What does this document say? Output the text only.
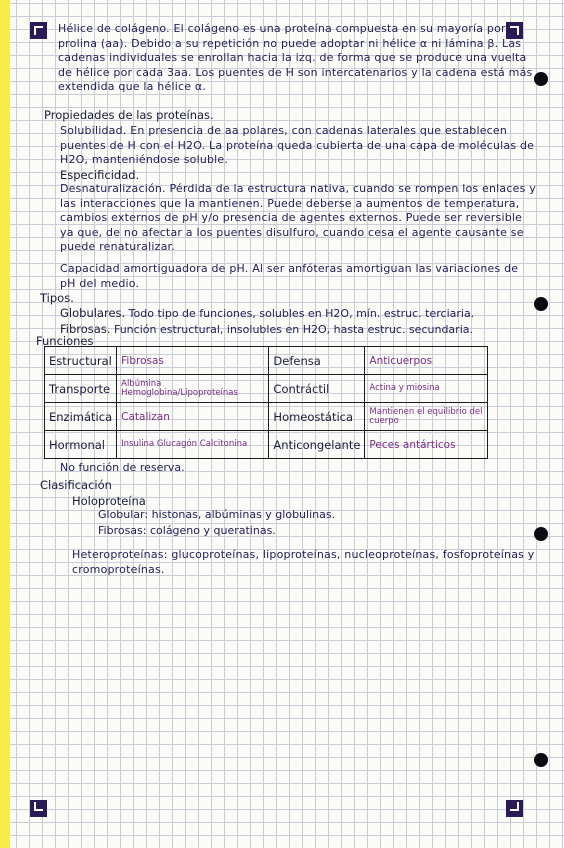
Hélice de colágeno. El colágeno es una proteína compuesta en su mayoría por prolina (aa). Debido a su repetición no puede adoptar ni hélice α ni lámina β. Las cadenas individuales se enrollan hacia la izq. de forma que se produce una vuelta de hélice por cada 3aa. Los puentes de H son intercatenarios y la cadena está más extendida que la hélice α.
Propiedades de las proteínas.
Solubilidad. En presencia de aa polares, con cadenas laterales que establecen puentes de H con el H2O. La proteína queda cubierta de una capa de moléculas de H2O, manteniéndose soluble.
Especificidad.
Desnaturalización. Pérdida de la estructura nativa, cuando se rompen los enlaces y las interacciones que la mantienen. Puede deberse a aumentos de temperatura, cambios externos de pH y/o presencia de agentes externos. Puede ser reversible ya que, de no afectar a los puentes disulfuro, cuando cesa el agente causante se puede renaturalizar.
Capacidad amortiguadora de pH. Al ser anfóteras amortiguan las variaciones de pH del medio.
Tipos.
Globulares. Todo tipo de funciones, solubles en H2O, mín. estruc. terciaria.
Fibrosas. Función estructural, insolubles en H2O, hasta estruc. secundaria.
Funciones
Estructural	Fibrosas	Defensa	Anticuerpos
Transporte	Albúmina Hemoglobina/Lipoproteínas	Contráctil	Actina y miosina
Enzimática	Catalizan	Homeostática	Mantienen el equilibrio del cuerpo
Hormonal	Insulina Glucagón Calcitonina	Anticongelante	Peces antárticos
No función de reserva.
Clasificación
Holoproteína
Globular: histonas, albúminas y globulinas.
Fibrosas: colágeno y queratinas.
Heteroproteínas: glucoproteínas, lipoproteínas, nucleoproteínas, fosfoproteínas y cromoproteínas.
